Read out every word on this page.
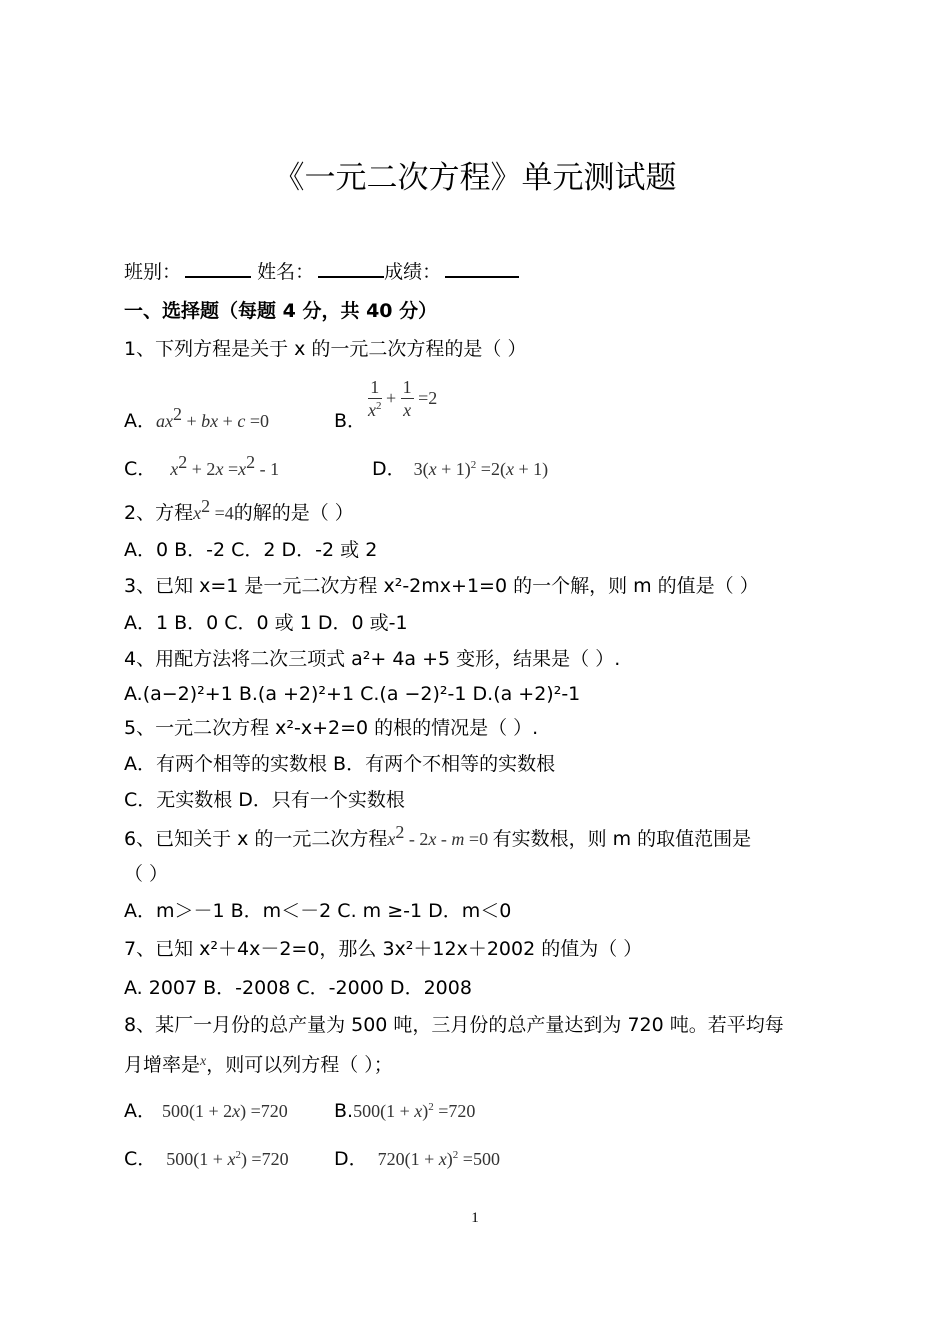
《一元二次方程》单元测试题
班别：	姓名：	成绩：
一、选择题（每题 4 分，共 40 分）
1、下列方程是关于 x 的一元二次方程的是（ ）
A．$ax^2$ + bx + c =0	B． $\frac{1}{x^2} + \frac{1}{x} =2$
C． $x^2 + 2x =x^2 - 1$	D． $3(x + 1)^2 =2(x + 1)$
2、方程$x^2 =4$的解的是（ ）
A．0 B．-2 C．2 D．-2 或 2
3、已知 x=1 是一元二次方程 x²-2mx+1=0 的一个解，则 m 的值是（ ）
A．1 B．0 C．0 或 1 D．0 或-1
4、用配方法将二次三项式 a²+ 4a +5 变形，结果是（ ）.
A.(a−2)²+1 B.(a +2)²+1 C.(a −2)²-1 D.(a +2)²-1
5、一元二次方程 x²-x+2=0 的根的情况是（ ）.
A．有两个相等的实数根 B．有两个不相等的实数根
C．无实数根 D．只有一个实数根
6、已知关于 x 的一元二次方程$x^2 - 2x - m =0$ 有实数根，则 m 的取值范围是
（ ）
A．m＞－1 B．m＜－2 C. m ≥-1 D．m＜0
7、已知 x²＋4x－2=0，那么 3x²＋12x＋2002 的值为（ ）
A. 2007 B．-2008 C．-2000 D．2008
8、某厂一月份的总产量为 500 吨，三月份的总产量达到为 720 吨。若平均每
月增率是$^x$，则可以列方程（ ）；
A． 500(1 + 2x) =720 $B.500(1 + x)^2 =720$
C． $500(1 + x^2) =720$ D． $720(1 + x)^2 =500$
1
